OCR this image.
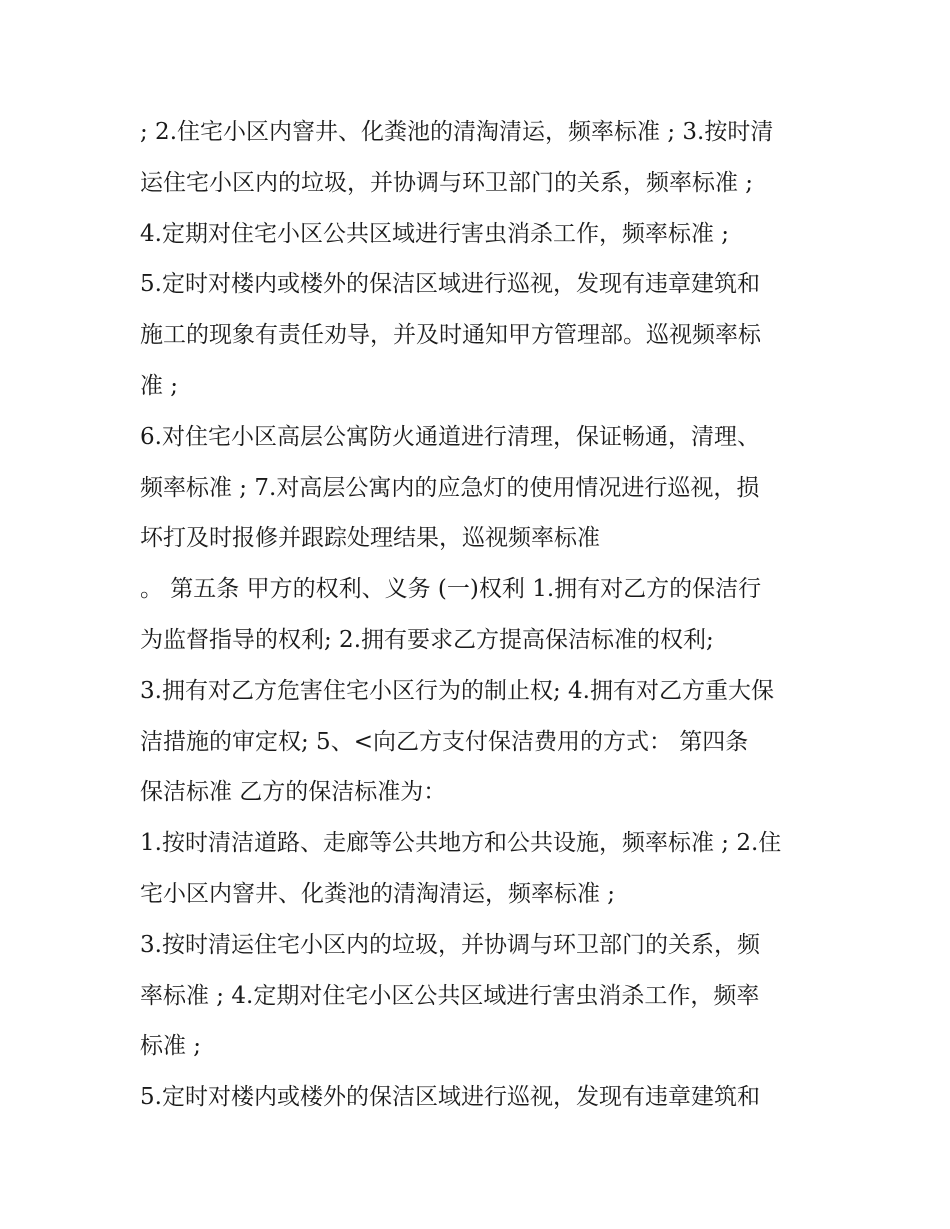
; 2.住宅小区内窨井、化粪池的清淘清运，频率标准 ; 3.按时清
运住宅小区内的垃圾，并协调与环卫部门的关系，频率标准 ;
4.定期对住宅小区公共区域进行害虫消杀工作，频率标准 ;
5.定时对楼内或楼外的保洁区域进行巡视，发现有违章建筑和
施工的现象有责任劝导，并及时通知甲方管理部。巡视频率标
准 ;
6.对住宅小区高层公寓防火通道进行清理，保证畅通，清理、
频率标准 ; 7.对高层公寓内的应急灯的使用情况进行巡视，损
坏打及时报修并跟踪处理结果，巡视频率标准
。 第五条 甲方的权利、义务 (一)权利 1.拥有对乙方的保洁行
为监督指导的权利; 2.拥有要求乙方提高保洁标准的权利;
3.拥有对乙方危害住宅小区行为的制止权; 4.拥有对乙方重大保
洁措施的审定权; 5、<向乙方支付保洁费用的方式： 第四条
保洁标准 乙方的保洁标准为：
1.按时清洁道路、走廊等公共地方和公共设施，频率标准 ; 2.住
宅小区内窨井、化粪池的清淘清运，频率标准 ;
3.按时清运住宅小区内的垃圾，并协调与环卫部门的关系，频
率标准 ; 4.定期对住宅小区公共区域进行害虫消杀工作，频率
标准 ;
5.定时对楼内或楼外的保洁区域进行巡视，发现有违章建筑和
